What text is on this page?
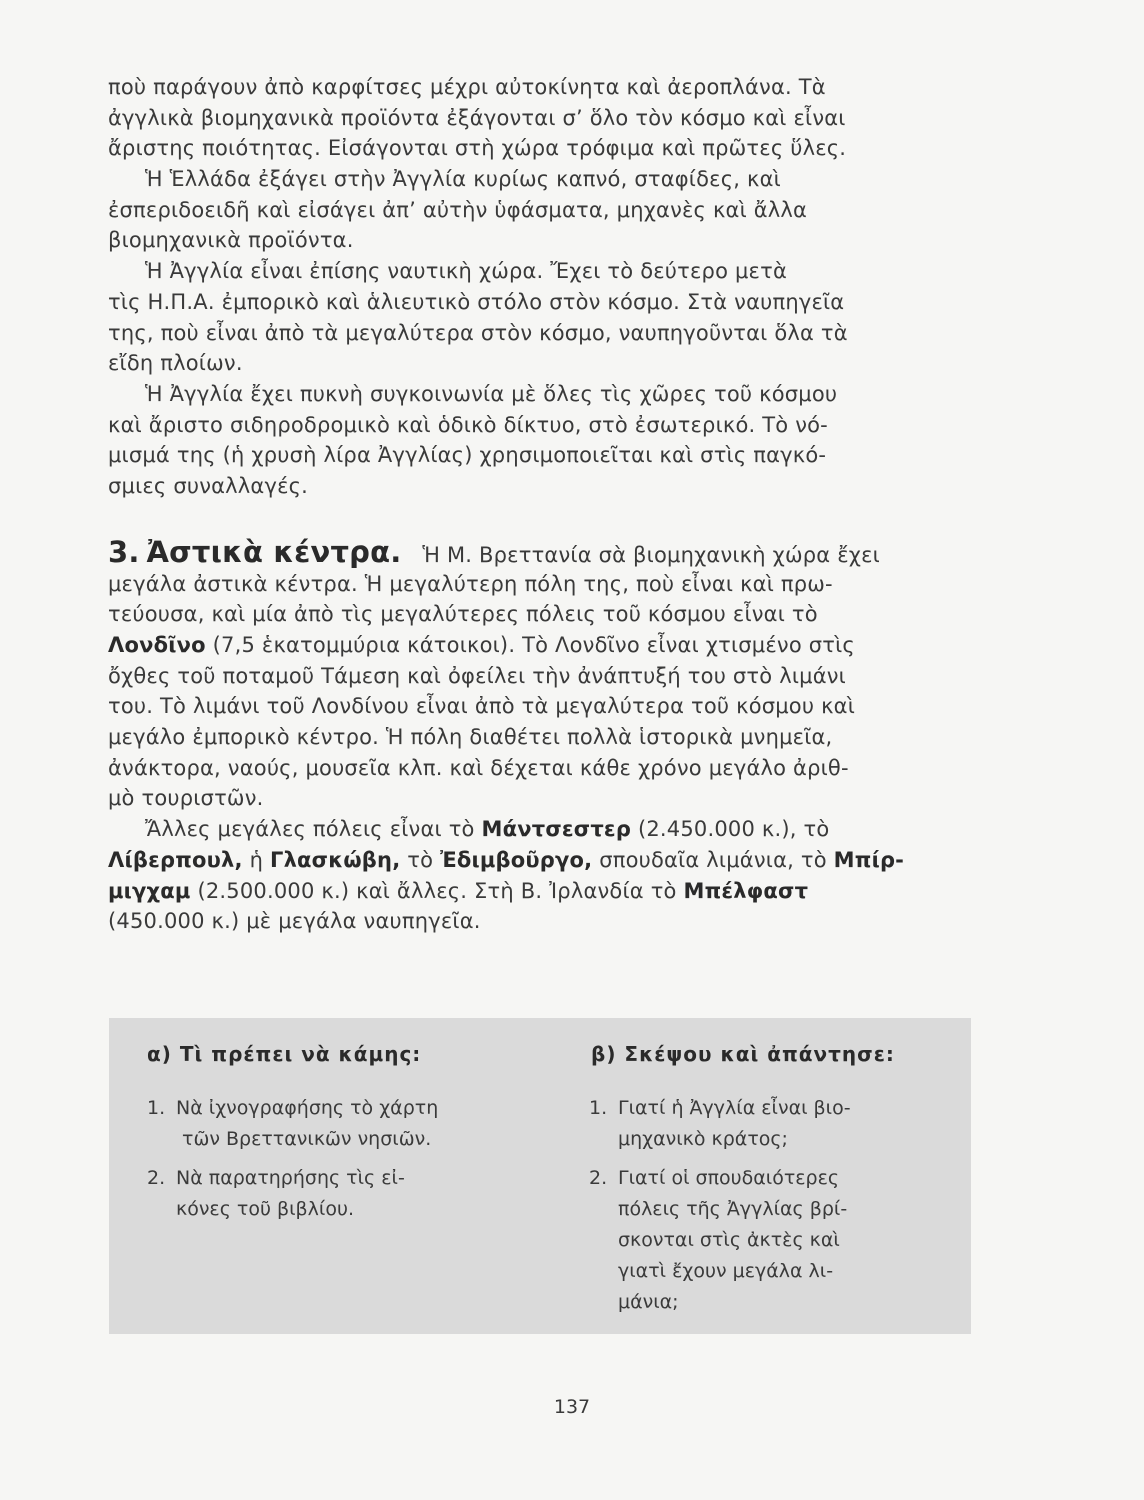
ποὺ παράγουν ἀπὸ καρφίτσες μέχρι αὐτοκίνητα καὶ ἀεροπλάνα. Τὰ
ἀγγλικὰ βιομηχανικὰ προϊόντα ἐξάγονται σ’ ὅλο τὸν κόσμο καὶ εἶναι
ἄριστης ποιότητας. Εἰσάγονται στὴ χώρα τρόφιμα καὶ πρῶτες ὕλες.
Ἡ Ἑλλάδα ἐξάγει στὴν Ἀγγλία κυρίως καπνό, σταφίδες, καὶ
ἐσπεριδοειδῆ καὶ εἰσάγει ἀπ’ αὐτὴν ὑφάσματα, μηχανὲς καὶ ἄλλα
βιομηχανικὰ προϊόντα.
Ἡ Ἀγγλία εἶναι ἐπίσης ναυτικὴ χώρα. Ἔχει τὸ δεύτερο μετὰ
τὶς Η.Π.Α. ἐμπορικὸ καὶ ἁλιευτικὸ στόλο στὸν κόσμο. Στὰ ναυπηγεῖα
της, ποὺ εἶναι ἀπὸ τὰ μεγαλύτερα στὸν κόσμο, ναυπηγοῦνται ὅλα τὰ
εἴδη πλοίων.
Ἡ Ἀγγλία ἔχει πυκνὴ συγκοινωνία μὲ ὅλες τὶς χῶρες τοῦ κόσμου
καὶ ἄριστο σιδηροδρομικὸ καὶ ὁδικὸ δίκτυο, στὸ ἐσωτερικό. Τὸ νό-
μισμά της (ἡ χρυσὴ λίρα Ἀγγλίας) χρησιμοποιεῖται καὶ στὶς παγκό-
σμιες συναλλαγές.
3. Ἀστικὰ κέντρα. Ἡ Μ. Βρεττανία σὰ βιομηχανικὴ χώρα ἔχει
μεγάλα ἀστικὰ κέντρα. Ἡ μεγαλύτερη πόλη της, ποὺ εἶναι καὶ πρω-
τεύουσα, καὶ μία ἀπὸ τὶς μεγαλύτερες πόλεις τοῦ κόσμου εἶναι τὸ
Λονδῖνο (7,5 ἑκατομμύρια κάτοικοι). Τὸ Λονδῖνο εἶναι χτισμένο στὶς
ὄχθες τοῦ ποταμοῦ Τάμεση καὶ ὀφείλει τὴν ἀνάπτυξή του στὸ λιμάνι
του. Τὸ λιμάνι τοῦ Λονδίνου εἶναι ἀπὸ τὰ μεγαλύτερα τοῦ κόσμου καὶ
μεγάλο ἐμπορικὸ κέντρο. Ἡ πόλη διαθέτει πολλὰ ἱστορικὰ μνημεῖα,
ἀνάκτορα, ναούς, μουσεῖα κλπ. καὶ δέχεται κάθε χρόνο μεγάλο ἀριθ-
μὸ τουριστῶν.
Ἄλλες μεγάλες πόλεις εἶναι τὸ Μάντσεστερ (2.450.000 κ.), τὸ
Λίβερπουλ, ἡ Γλασκώβη, τὸ Ἐδιμβοῦργο, σπουδαῖα λιμάνια, τὸ Μπίρ-
μιγχαμ (2.500.000 κ.) καὶ ἄλλες. Στὴ Β. Ἰρλανδία τὸ Μπέλφαστ
(450.000 κ.) μὲ μεγάλα ναυπηγεῖα.
α) Τὶ πρέπει νὰ κάμης:
1. Νὰ ἰχνογραφήσης τὸ χάρτη
τῶν Βρεττανικῶν νησιῶν.
2. Νὰ παρατηρήσης τὶς εἰ-
κόνες τοῦ βιβλίου.
β) Σκέψου καὶ ἀπάντησε:
1. Γιατί ἡ Ἀγγλία εἶναι βιο-
μηχανικὸ κράτος;
2. Γιατί οἱ σπουδαιότερες
πόλεις τῆς Ἀγγλίας βρί-
σκονται στὶς ἀκτὲς καὶ
γιατὶ ἔχουν μεγάλα λι-
μάνια;
137
